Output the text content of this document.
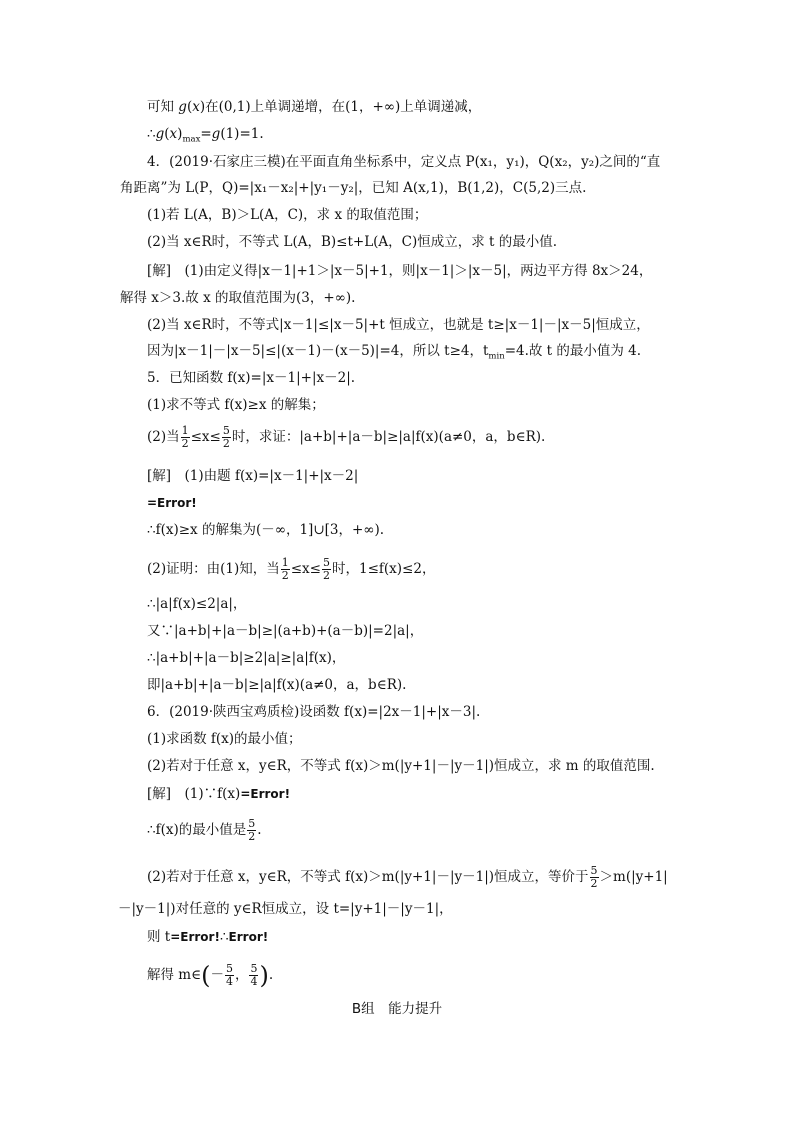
可知 g(x)在(0,1)上单调递增，在(1，+∞)上单调递减，
$\therefore g(x)_{max}=g(1)=1$.
4．(2019·石家庄三模)在平面直角坐标系中，定义点 P(x₁，y₁)，Q(x₂，y₂)之间的“直
角距离”为 L(P，Q)=|x₁－x₂|+|y₁－y₂|，已知 A(x,1)，B(1,2)，C(5,2)三点.
(1)若 L(A，B)＞L(A，C)，求 x 的取值范围；
(2)当 x∈R时，不等式 L(A，B)≤t+L(A，C)恒成立，求 t 的最小值.
[解]　(1)由定义得|x－1|+1＞|x－5|+1，则|x－1|＞|x－5|，两边平方得 8x＞24，
解得 x＞3.故 x 的取值范围为(3，+∞).
(2)当 x∈R时，不等式|x－1|≤|x－5|+t 恒成立，也就是 t≥|x－1|－|x－5|恒成立，
因为|x－1|－|x－5|≤|(x－1)－(x－5)|=4，所以 t≥4，$t_{min}=4$.故 t 的最小值为 4.
5．已知函数 f(x)=|x－1|+|x－2|.
(1)求不等式 f(x)≥x 的解集；
(2)当 $\frac{1}{2} \le x\le \frac{5}{2}$ 时，求证：|a+b|+|a－b|≥|a|f(x)(a≠0，a，b∈R).
[解]　(1)由题 f(x)=|x－1|+|x－2|
=Error!
∴f(x)≥x 的解集为(－∞，1]∪[3，+∞).
(2)证明：由(1)知，当 $\frac{1}{2} \le x\le \frac{5}{2}$ 时，1≤f(x)≤2，
∴|a|f(x)≤2|a|，
又∵|a+b|+|a－b|≥|(a+b)+(a－b)|=2|a|，
∴|a+b|+|a－b|≥2|a|≥|a|f(x)，
即|a+b|+|a－b|≥|a|f(x)(a≠0，a，b∈R).
6．(2019·陕西宝鸡质检)设函数 f(x)=|2x－1|+|x－3|.
(1)求函数 f(x)的最小值；
(2)若对于任意 x，y∈R，不等式 f(x)＞m(|y+1|－|y－1|)恒成立，求 m 的取值范围.
[解]　(1)∵f(x)=Error!
∴f(x)的最小值是 $\frac{5}{2}$ .
(2)若对于任意 x，y∈R，不等式 f(x)＞m(|y+1|－|y－1|)恒成立，等价于 $\frac{5}{2} >m(|y+1|$
－|y－1|)对任意的 y∈R恒成立，设 t=|y+1|－|y－1|，
则 t=Error!∴Error!
解得 m∈(－ $\frac{5}{4}$ ， $\frac{5}{4}$ ).
B组　能力提升
